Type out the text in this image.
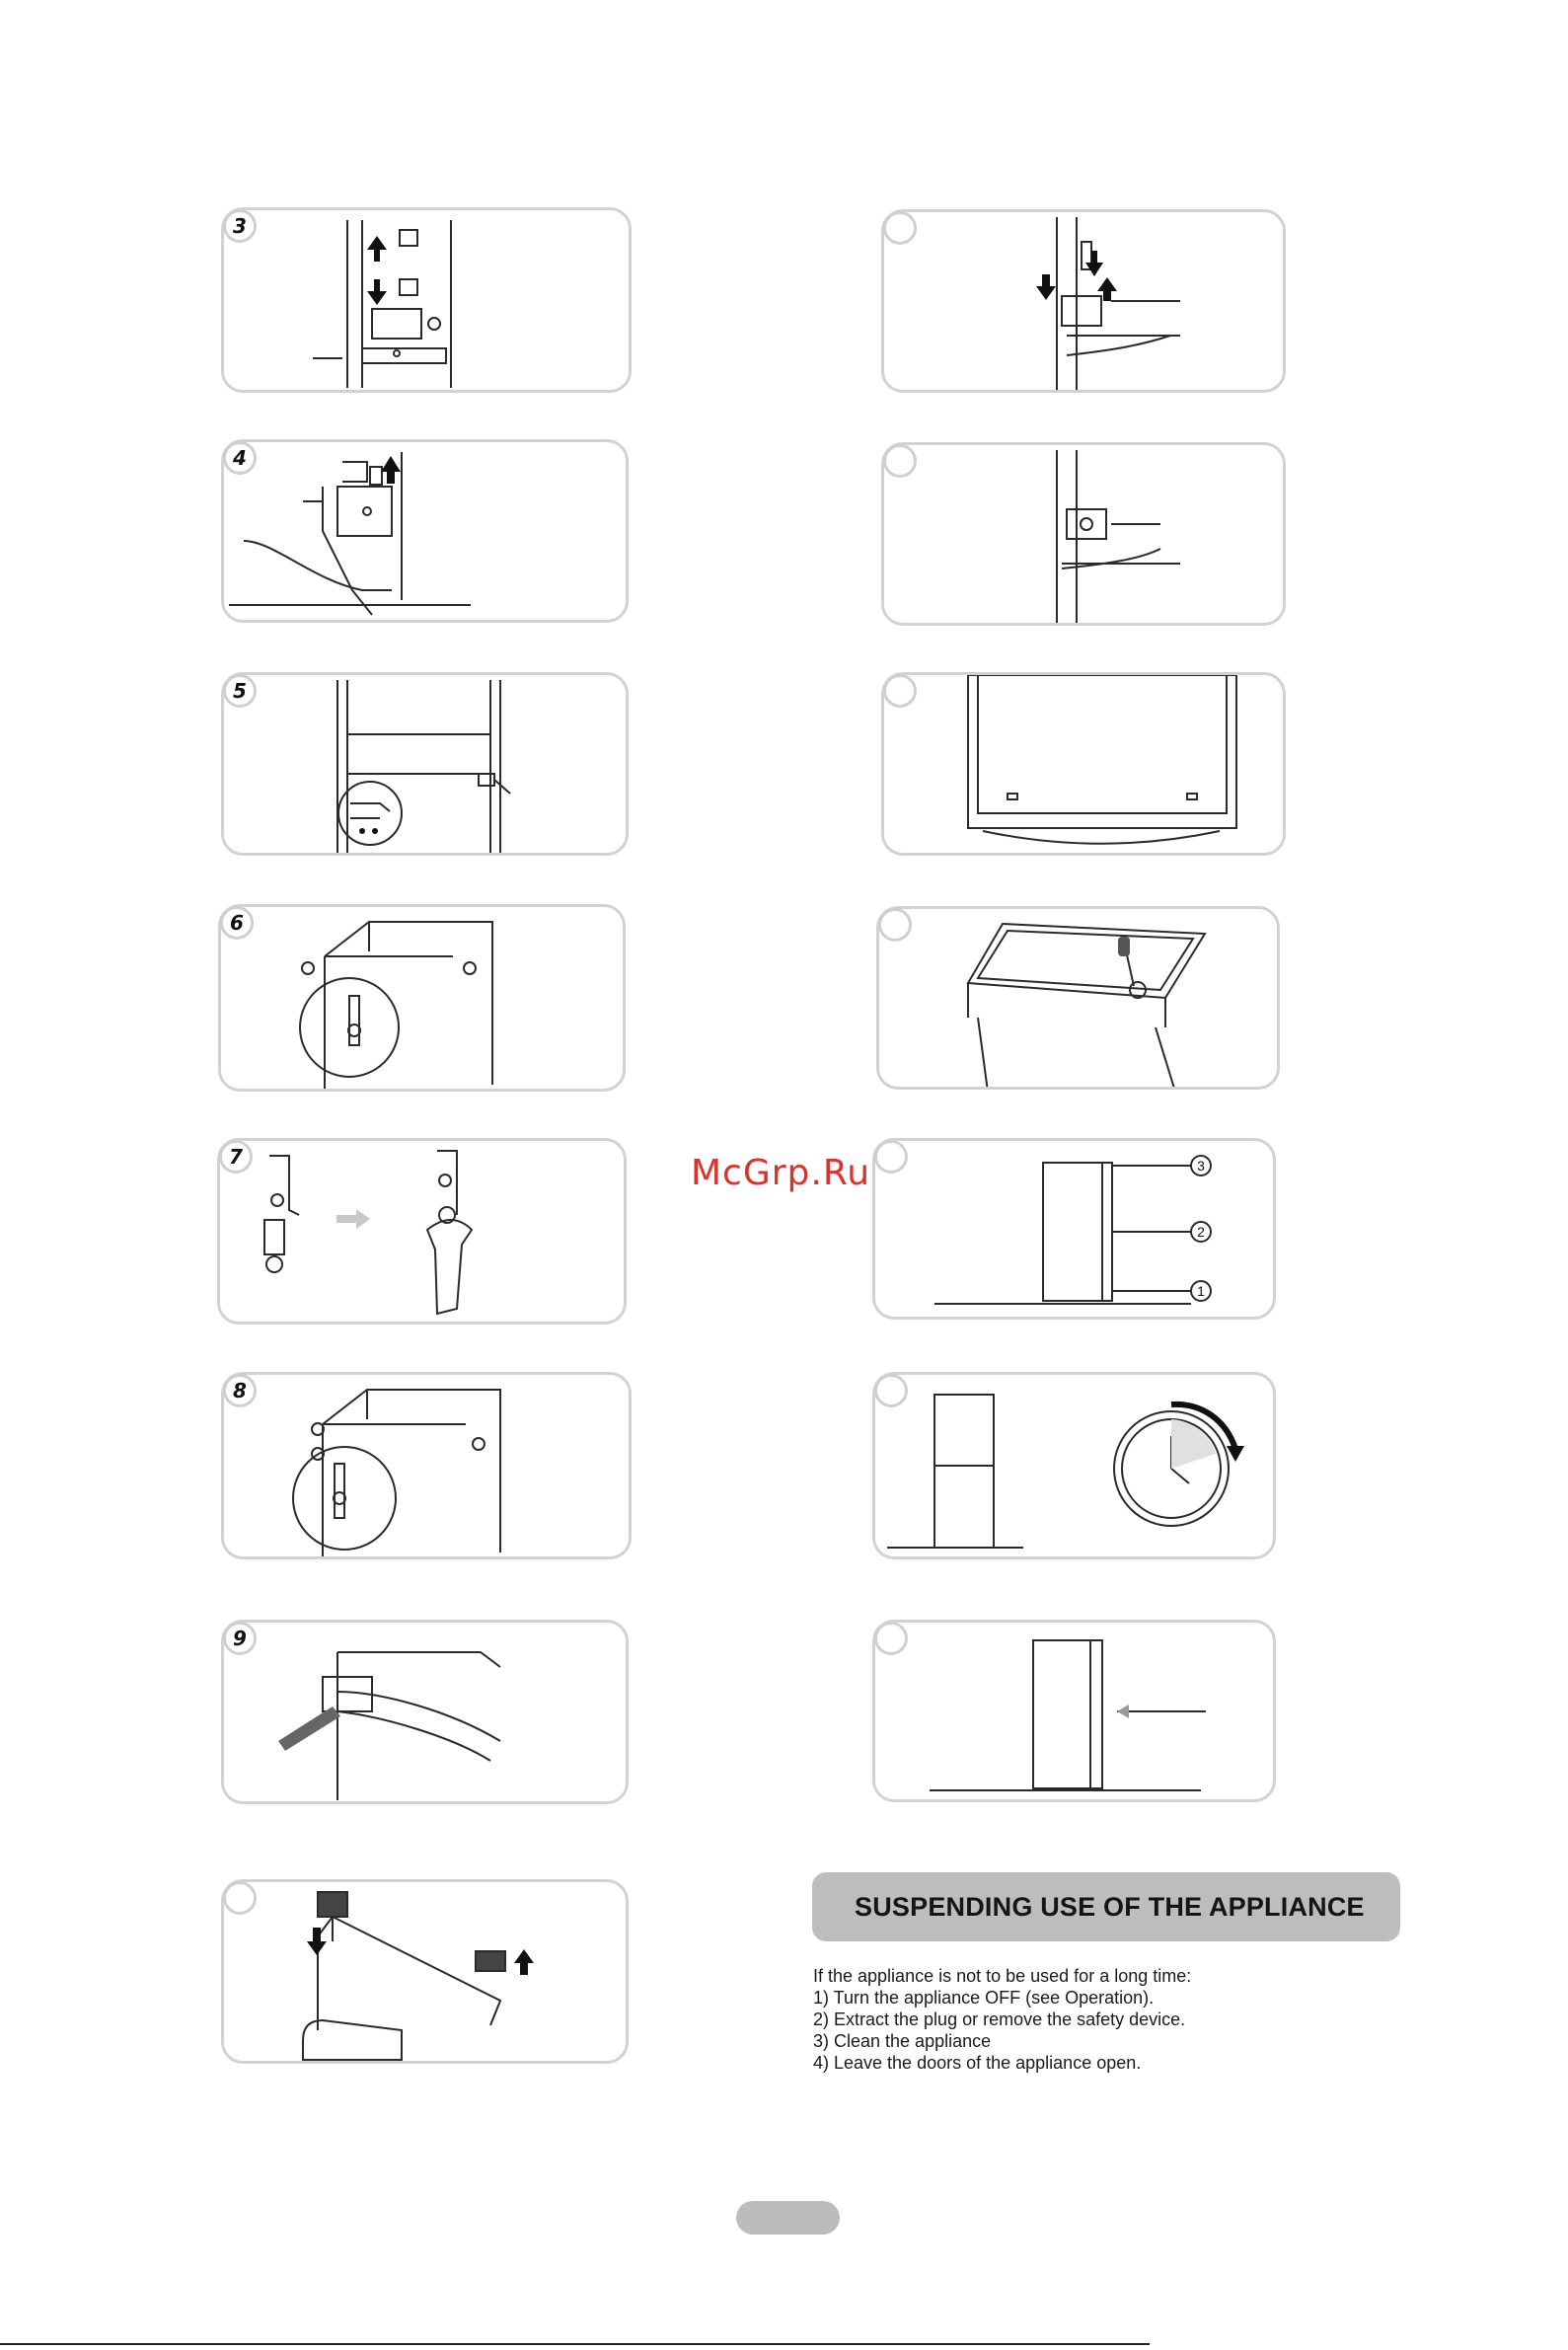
3
4
5
6
7
8
9
3
2
1
McGrp.Ru
SUSPENDING USE OF THE APPLIANCE
If the appliance is not to be used for a long time:
1) Turn the appliance OFF (see Operation).
2) Extract the plug or remove the safety device.
3) Clean the appliance
4) Leave the doors of the appliance open.
